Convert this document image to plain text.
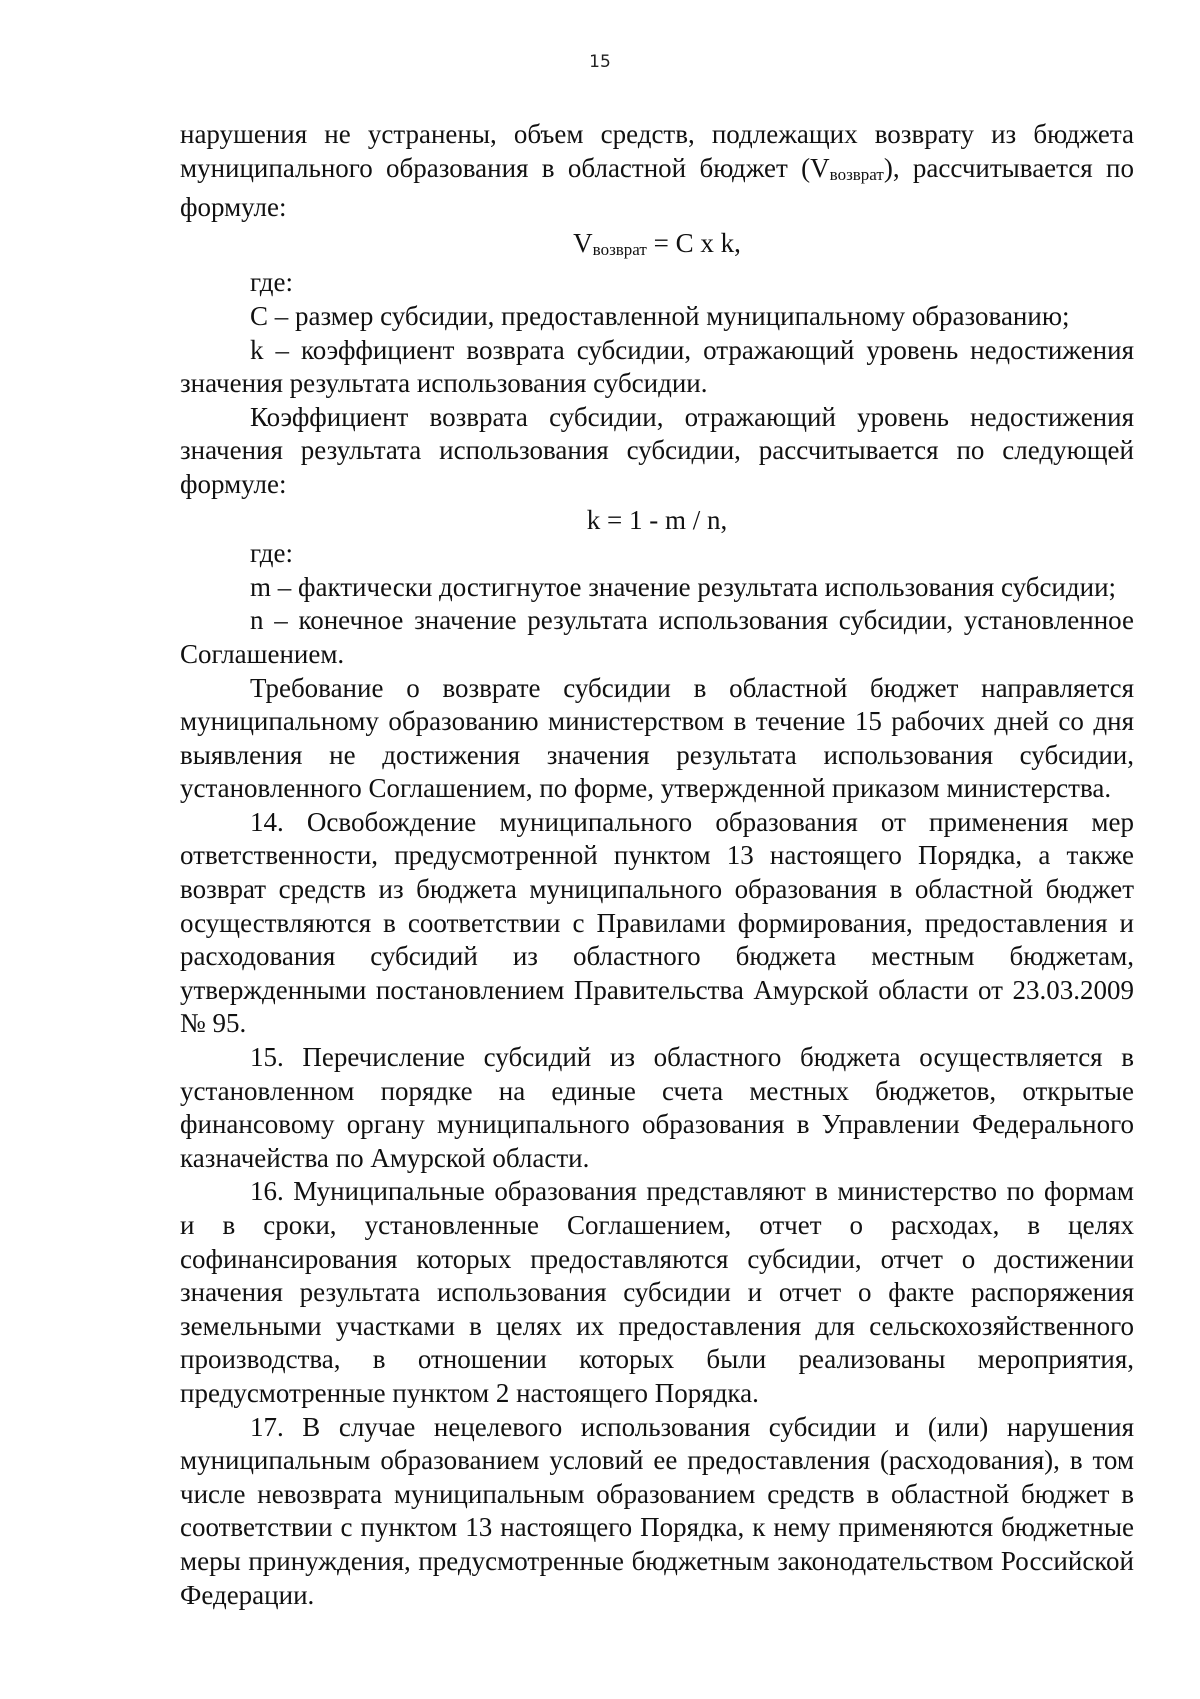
15

нарушения не устранены, объем средств, подлежащих возврату из бюджета муниципального образования в областной бюджет (Vвозврат), рассчитывается по формуле:

Vвозврат = C x k,

где:

C – размер субсидии, предоставленной муниципальному образованию;

k – коэффициент возврата субсидии, отражающий уровень недостижения значения результата использования субсидии.

Коэффициент возврата субсидии, отражающий уровень недостижения значения результата использования субсидии, рассчитывается по следующей формуле:

k = 1 - m / n,

где:

m – фактически достигнутое значение результата использования субсидии;

n – конечное значение результата использования субсидии, установленное Соглашением.

Требование о возврате субсидии в областной бюджет направляется муниципальному образованию министерством в течение 15 рабочих дней со дня выявления не достижения значения результата использования субсидии, установленного Соглашением, по форме, утвержденной приказом министерства.

14. Освобождение муниципального образования от применения мер ответственности, предусмотренной пунктом 13 настоящего Порядка, а также возврат средств из бюджета муниципального образования в областной бюджет осуществляются в соответствии с Правилами формирования, предоставления и расходования субсидий из областного бюджета местным бюджетам, утвержденными постановлением Правительства Амурской области от 23.03.2009 № 95.

15. Перечисление субсидий из областного бюджета осуществляется в установленном порядке на единые счета местных бюджетов, открытые финансовому органу муниципального образования в Управлении Федерального казначейства по Амурской области.

16. Муниципальные образования представляют в министерство по формам и в сроки, установленные Соглашением, отчет о расходах, в целях софинансирования которых предоставляются субсидии, отчет о достижении значения результата использования субсидии и отчет о факте распоряжения земельными участками в целях их предоставления для сельскохозяйственного производства, в отношении которых были реализованы мероприятия, предусмотренные пунктом 2 настоящего Порядка.

17. В случае нецелевого использования субсидии и (или) нарушения муниципальным образованием условий ее предоставления (расходования), в том числе невозврата муниципальным образованием средств в областной бюджет в соответствии с пунктом 13 настоящего Порядка, к нему применяются бюджетные меры принуждения, предусмотренные бюджетным законодательством Российской Федерации.
